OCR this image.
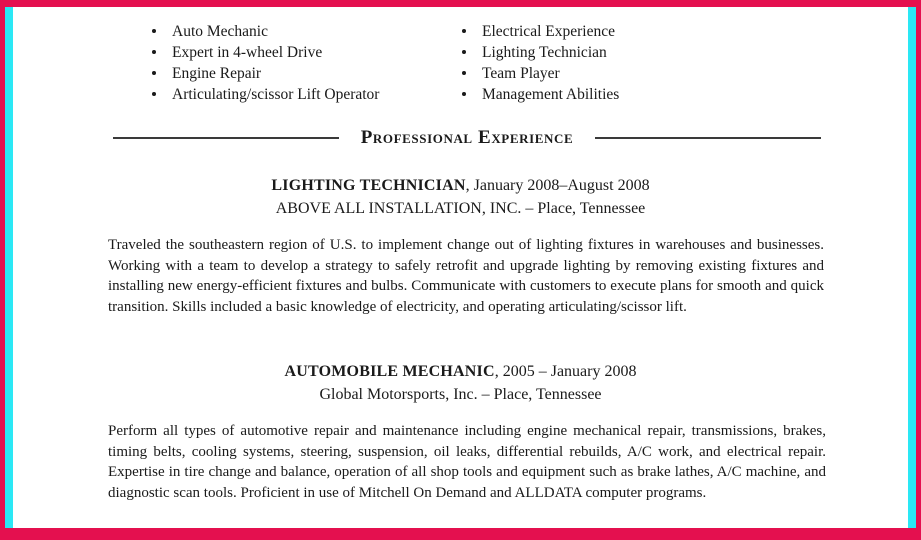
Auto Mechanic
Expert in 4-wheel Drive
Engine Repair
Articulating/scissor Lift Operator
Electrical Experience
Lighting Technician
Team Player
Management Abilities
Professional Experience
LIGHTING TECHNICIAN, January 2008–August 2008
ABOVE ALL INSTALLATION, INC. – Place, Tennessee

Traveled the southeastern region of U.S. to implement change out of lighting fixtures in warehouses and businesses. Working with a team to develop a strategy to safely retrofit and upgrade lighting by removing existing fixtures and installing new energy-efficient fixtures and bulbs. Communicate with customers to execute plans for smooth and quick transition. Skills included a basic knowledge of electricity, and operating articulating/scissor lift.

AUTOMOBILE MECHANIC, 2005 – January 2008
Global Motorsports, Inc. – Place, Tennessee

Perform all types of automotive repair and maintenance including engine mechanical repair, transmissions, brakes, timing belts, cooling systems, steering, suspension, oil leaks, differential rebuilds, A/C work, and electrical repair. Expertise in tire change and balance, operation of all shop tools and equipment such as brake lathes, A/C machine, and diagnostic scan tools. Proficient in use of Mitchell On Demand and ALLDATA computer programs.
